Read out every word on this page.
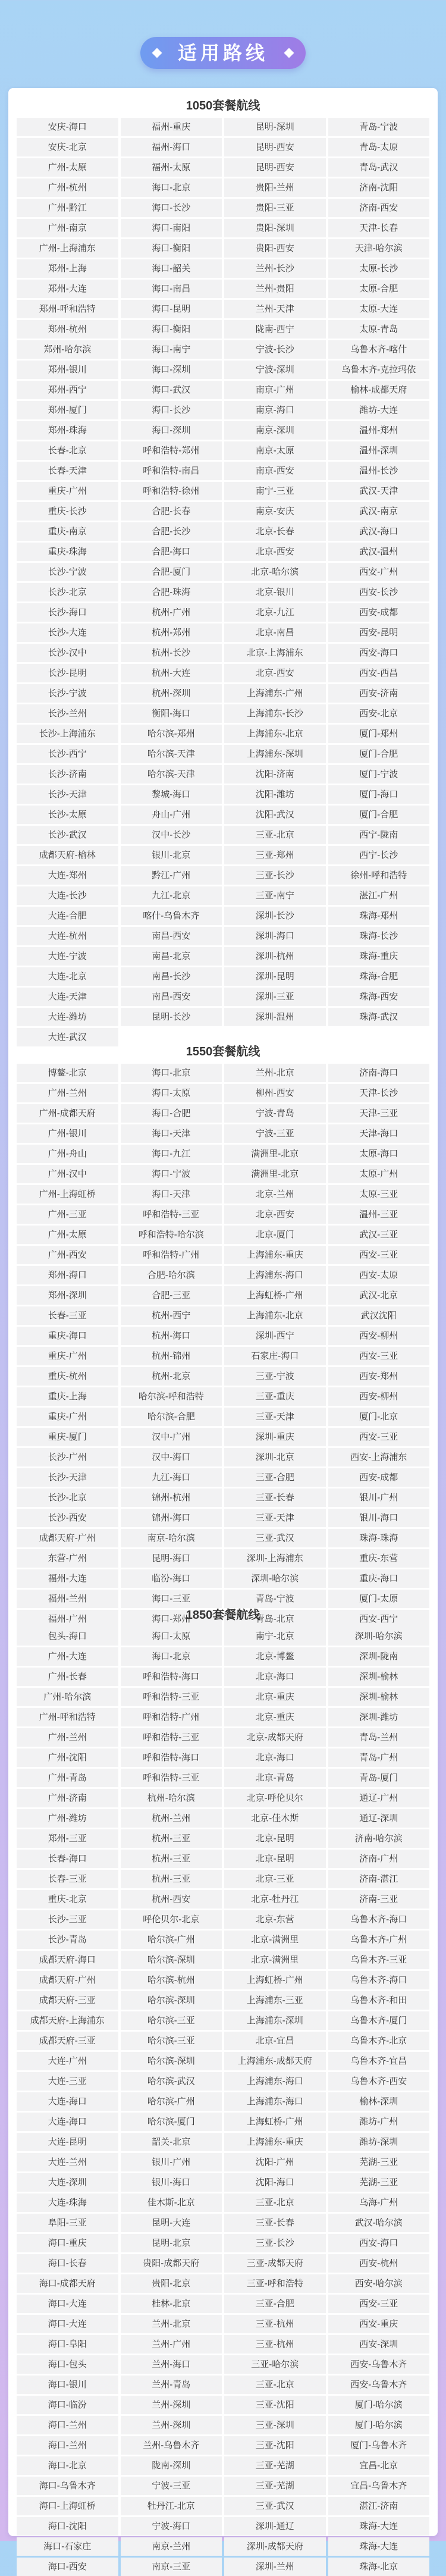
适用路线
1050套餐航线
安庆-海口	福州-重庆	昆明-深圳	青岛-宁波
安庆-北京	福州-海口	昆明-西安	青岛-太原
广州-太原	福州-太原	昆明-西安	青岛-武汉
广州-杭州	海口-北京	贵阳-兰州	济南-沈阳
广州-黔江	海口-长沙	贵阳-三亚	济南-西安
广州-南京	海口-南阳	贵阳-深圳	天津-长春
广州-上海浦东	海口-衡阳	贵阳-西安	天津-哈尔滨
郑州-上海	海口-韶关	兰州-长沙	太原-长沙
郑州-大连	海口-南昌	兰州-贵阳	太原-合肥
郑州-呼和浩特	海口-昆明	兰州-天津	太原-大连
郑州-杭州	海口-衡阳	陇南-西宁	太原-青岛
郑州-哈尔滨	海口-南宁	宁波-长沙	乌鲁木齐-喀什
郑州-银川	海口-深圳	宁波-深圳	乌鲁木齐-克拉玛依
郑州-西宁	海口-武汉	南京-广州	榆林-成都天府
郑州-厦门	海口-长沙	南京-海口	潍坊-大连
郑州-珠海	海口-深圳	南京-深圳	温州-郑州
长春-北京	呼和浩特-郑州	南京-太原	温州-深圳
长春-天津	呼和浩特-南昌	南京-西安	温州-长沙
重庆-广州	呼和浩特-徐州	南宁-三亚	武汉-天津
重庆-长沙	合肥-长春	南京-安庆	武汉-南京
重庆-南京	合肥-长沙	北京-长春	武汉-海口
重庆-珠海	合肥-海口	北京-西安	武汉-温州
长沙-宁波	合肥-厦门	北京-哈尔滨	西安-广州
长沙-北京	合肥-珠海	北京-银川	西安-长沙
长沙-海口	杭州-广州	北京-九江	西安-成都
长沙-大连	杭州-郑州	北京-南昌	西安-昆明
长沙-汉中	杭州-长沙	北京-上海浦东	西安-海口
长沙-昆明	杭州-大连	北京-西安	西安-西昌
长沙-宁波	杭州-深圳	上海浦东-广州	西安-济南
长沙-兰州	衡阳-海口	上海浦东-长沙	西安-北京
长沙-上海浦东	哈尔滨-郑州	上海浦东-北京	厦门-郑州
长沙-西宁	哈尔滨-天津	上海浦东-深圳	厦门-合肥
长沙-济南	哈尔滨-天津	沈阳-济南	厦门-宁波
长沙-天津	黎城-海口	沈阳-潍坊	厦门-海口
长沙-太原	舟山-广州	沈阳-武汉	厦门-合肥
长沙-武汉	汉中-长沙	三亚-北京	西宁-陇南
成都天府-榆林	银川-北京	三亚-郑州	西宁-长沙
大连-郑州	黔江-广州	三亚-长沙	徐州-呼和浩特
大连-长沙	九江-北京	三亚-南宁	湛江-广州
大连-合肥	喀什-乌鲁木齐	深圳-长沙	珠海-郑州
大连-杭州	南昌-西安	深圳-海口	珠海-长沙
大连-宁波	南昌-北京	深圳-杭州	珠海-重庆
大连-北京	南昌-长沙	深圳-昆明	珠海-合肥
大连-天津	南昌-西安	深圳-三亚	珠海-西安
大连-潍坊	昆明-长沙	深圳-温州	珠海-武汉
大连-武汉
1550套餐航线
博鳌-北京	海口-北京	兰州-北京	济南-海口
广州-兰州	海口-太原	柳州-西安	天津-长沙
广州-成都天府	海口-合肥	宁波-青岛	天津-三亚
广州-银川	海口-天津	宁波-三亚	天津-海口
广州-舟山	海口-九江	满洲里-北京	太原-海口
广州-汉中	海口-宁波	满洲里-北京	太原-广州
广州-上海虹桥	海口-天津	北京-兰州	太原-三亚
广州-三亚	呼和浩特-三亚	北京-西安	温州-三亚
广州-太原	呼和浩特-哈尔滨	北京-厦门	武汉-三亚
广州-西安	呼和浩特-广州	上海浦东-重庆	西安-三亚
郑州-海口	合肥-哈尔滨	上海浦东-海口	西安-太原
郑州-深圳	合肥-三亚	上海虹桥-广州	武汉-北京
长春-三亚	杭州-西宁	上海浦东-北京	武汉沈阳
重庆-海口	杭州-海口	深圳-西宁	西安-柳州
重庆-广州	杭州-锦州	石家庄-海口	西安-三亚
重庆-杭州	杭州-北京	三亚-宁波	西安-郑州
重庆-上海	哈尔滨-呼和浩特	三亚-重庆	西安-柳州
重庆-广州	哈尔滨-合肥	三亚-天津	厦门-北京
重庆-厦门	汉中-广州	深圳-重庆	西安-三亚
长沙-广州	汉中-海口	深圳-北京	西安-上海浦东
长沙-天津	九江-海口	三亚-合肥	西安-成都
长沙-北京	锦州-杭州	三亚-长春	银川-广州
长沙-西安	锦州-海口	三亚-天津	银川-海口
成都天府-广州	南京-哈尔滨	三亚-武汉	珠海-珠海
东营-广州	昆明-海口	深圳-上海浦东	重庆-东营
福州-大连	临汾-海口	深圳-哈尔滨	重庆-海口
福州-兰州	海口-三亚	青岛-宁波	厦门-太原
福州-广州	海口-郑州	青岛-北京	西安-西宁
1850套餐航线
包头-海口	海口-太原	南宁-北京	深圳-哈尔滨
广州-大连	海口-北京	北京-博鳌	深圳-陇南
广州-长春	呼和浩特-海口	北京-海口	深圳-榆林
广州-哈尔滨	呼和浩特-三亚	北京-重庆	深圳-榆林
广州-呼和浩特	呼和浩特-广州	北京-重庆	深圳-潍坊
广州-兰州	呼和浩特-三亚	北京-成都天府	青岛-兰州
广州-沈阳	呼和浩特-海口	北京-海口	青岛-广州
广州-青岛	呼和浩特-三亚	北京-青岛	青岛-厦门
广州-济南	杭州-哈尔滨	北京-呼伦贝尔	通辽-广州
广州-潍坊	杭州-兰州	北京-佳木斯	通辽-深圳
郑州-三亚	杭州-三亚	北京-昆明	济南-哈尔滨
长春-海口	杭州-三亚	北京-昆明	济南-广州
长春-三亚	杭州-三亚	北京-三亚	济南-湛江
重庆-北京	杭州-西安	北京-牡丹江	济南-三亚
长沙-三亚	呼伦贝尔-北京	北京-东营	乌鲁木齐-海口
长沙-青岛	哈尔滨-广州	北京-满洲里	乌鲁木齐-广州
成都天府-海口	哈尔滨-深圳	北京-满洲里	乌鲁木齐-三亚
成都天府-广州	哈尔滨-杭州	上海虹桥-广州	乌鲁木齐-海口
成都天府-三亚	哈尔滨-深圳	上海浦东-三亚	乌鲁木齐-和田
成都天府-上海浦东	哈尔滨-三亚	上海浦东-深圳	乌鲁木齐-厦门
成都天府-三亚	哈尔滨-三亚	北京-宜昌	乌鲁木齐-北京
大连-广州	哈尔滨-深圳	上海浦东-成都天府	乌鲁木齐-宜昌
大连-三亚	哈尔滨-武汉	上海浦东-海口	乌鲁木齐-西安
大连-海口	哈尔滨-广州	上海浦东-海口	榆林-深圳
大连-海口	哈尔滨-厦门	上海虹桥-广州	潍坊-广州
大连-昆明	韶关-北京	上海浦东-重庆	潍坊-深圳
大连-兰州	银川-广州	沈阳-广州	芜湖-三亚
大连-深圳	银川-海口	沈阳-海口	芜湖-三亚
大连-珠海	佳木斯-北京	三亚-北京	乌海-广州
阜阳-三亚	昆明-大连	三亚-长春	武汉-哈尔滨
海口-重庆	昆明-北京	三亚-长沙	西安-海口
海口-长春	贵阳-成都天府	三亚-成都天府	西安-杭州
海口-成都天府	贵阳-北京	三亚-呼和浩特	西安-哈尔滨
海口-大连	桂林-北京	三亚-合肥	西安-三亚
海口-大连	兰州-北京	三亚-杭州	西安-重庆
海口-阜阳	兰州-广州	三亚-杭州	西安-深圳
海口-包头	兰州-海口	三亚-哈尔滨	西安-乌鲁木齐
海口-银川	兰州-青岛	三亚-北京	西安-乌鲁木齐
海口-临汾	兰州-深圳	三亚-沈阳	厦门-哈尔滨
海口-兰州	兰州-深圳	三亚-深圳	厦门-哈尔滨
海口-兰州	兰州-乌鲁木齐	三亚-沈阳	厦门-乌鲁木齐
海口-北京	陇南-深圳	三亚-芜湖	宜昌-北京
海口-乌鲁木齐	宁波-三亚	三亚-芜湖	宜昌-乌鲁木齐
海口-上海虹桥	牡丹江-北京	三亚-武汉	湛江-济南
海口-沈阳	宁波-海口	深圳-通辽	珠海-大连
海口-石家庄	南京-兰州	深圳-成都天府	珠海-大连
海口-西安	南京-三亚	深圳-兰州	珠海-北京
